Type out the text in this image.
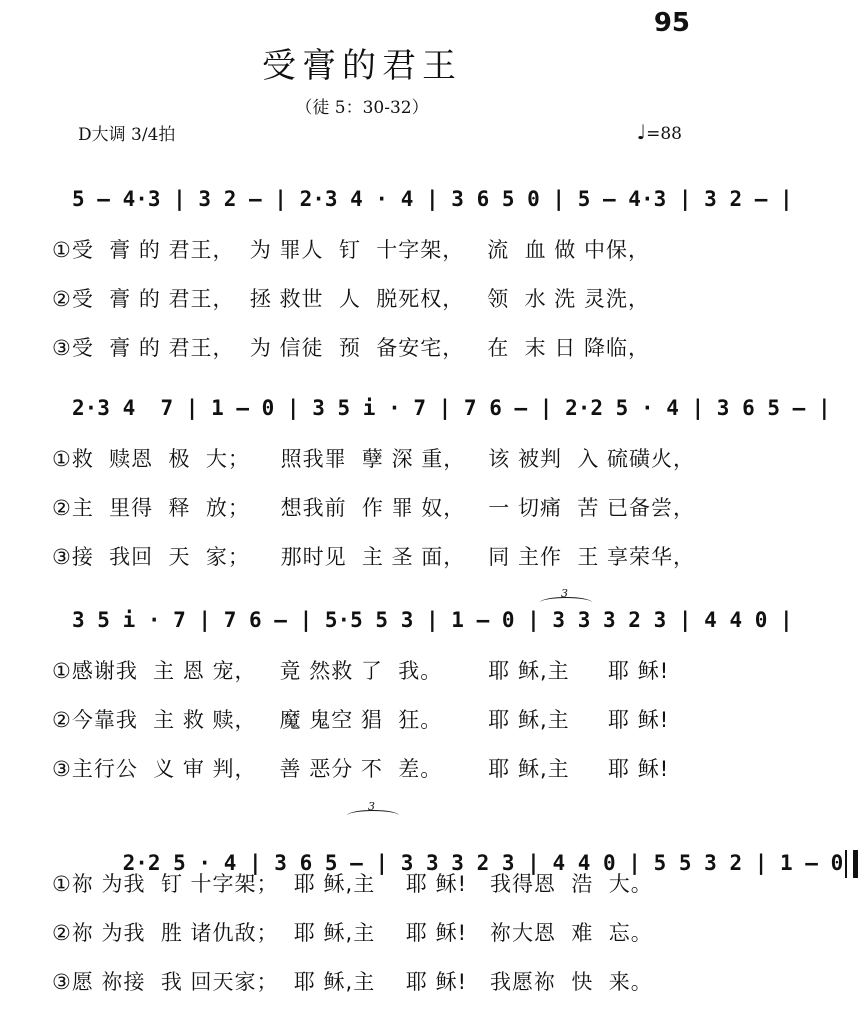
95
受膏的君王
（徒 5：30-32）
D大调 3/4拍	♩=88
5 – 4·3 | 3 2 – | 2·3 4 · 4 | 3 6 5 0 | 5 – 4·3 | 3 2 – |
①受  膏 的 君王，  为 罪人  钉  十字架，   流  血 做 中保，
②受  膏 的 君王，  拯 救世  人  脱死权，   领  水 洗 灵洗，
③受  膏 的 君王，  为 信徒  预  备安宅，   在  末 日 降临，
2·3 4  7 | 1 – 0 | 3 5 i · 7 | 7 6 – | 2·2 5 · 4 | 3 6 5 – |
①救  赎恩  极  大；    照我罪  孽 深 重，   该 被判  入 硫磺火，
②主  里得  释  放；    想我前  作 罪 奴，   一 切痛  苦 已备尝，
③接  我回  天  家；    那时见  主 圣 面，   同 主作  王 享荣华，
3
3 5 i · 7 | 7 6 – | 5·5 5 3 | 1 – 0 | 3 3 3 2 3 | 4 4 0 |
①感谢我  主 恩 宠，   竟 然救 了  我。      耶 稣,主     耶 稣!
②今靠我  主 救 赎，   魔 鬼空 猖  狂。      耶 稣,主     耶 稣!
③主行公  义 审 判，   善 恶分 不  差。      耶 稣,主     耶 稣!
3

2·2 5 · 4 | 3 6 5 – | 3 3 3 2 3 | 4 4 0 | 5 5 3 2 | 1 – 0

①祢 为我  钉 十字架；  耶 稣,主    耶 稣!   我得恩  浩  大。
②祢 为我  胜 诸仇敌；  耶 稣,主    耶 稣!   祢大恩  难  忘。
③愿 祢接  我 回天家；  耶 稣,主    耶 稣!   我愿祢  快  来。
